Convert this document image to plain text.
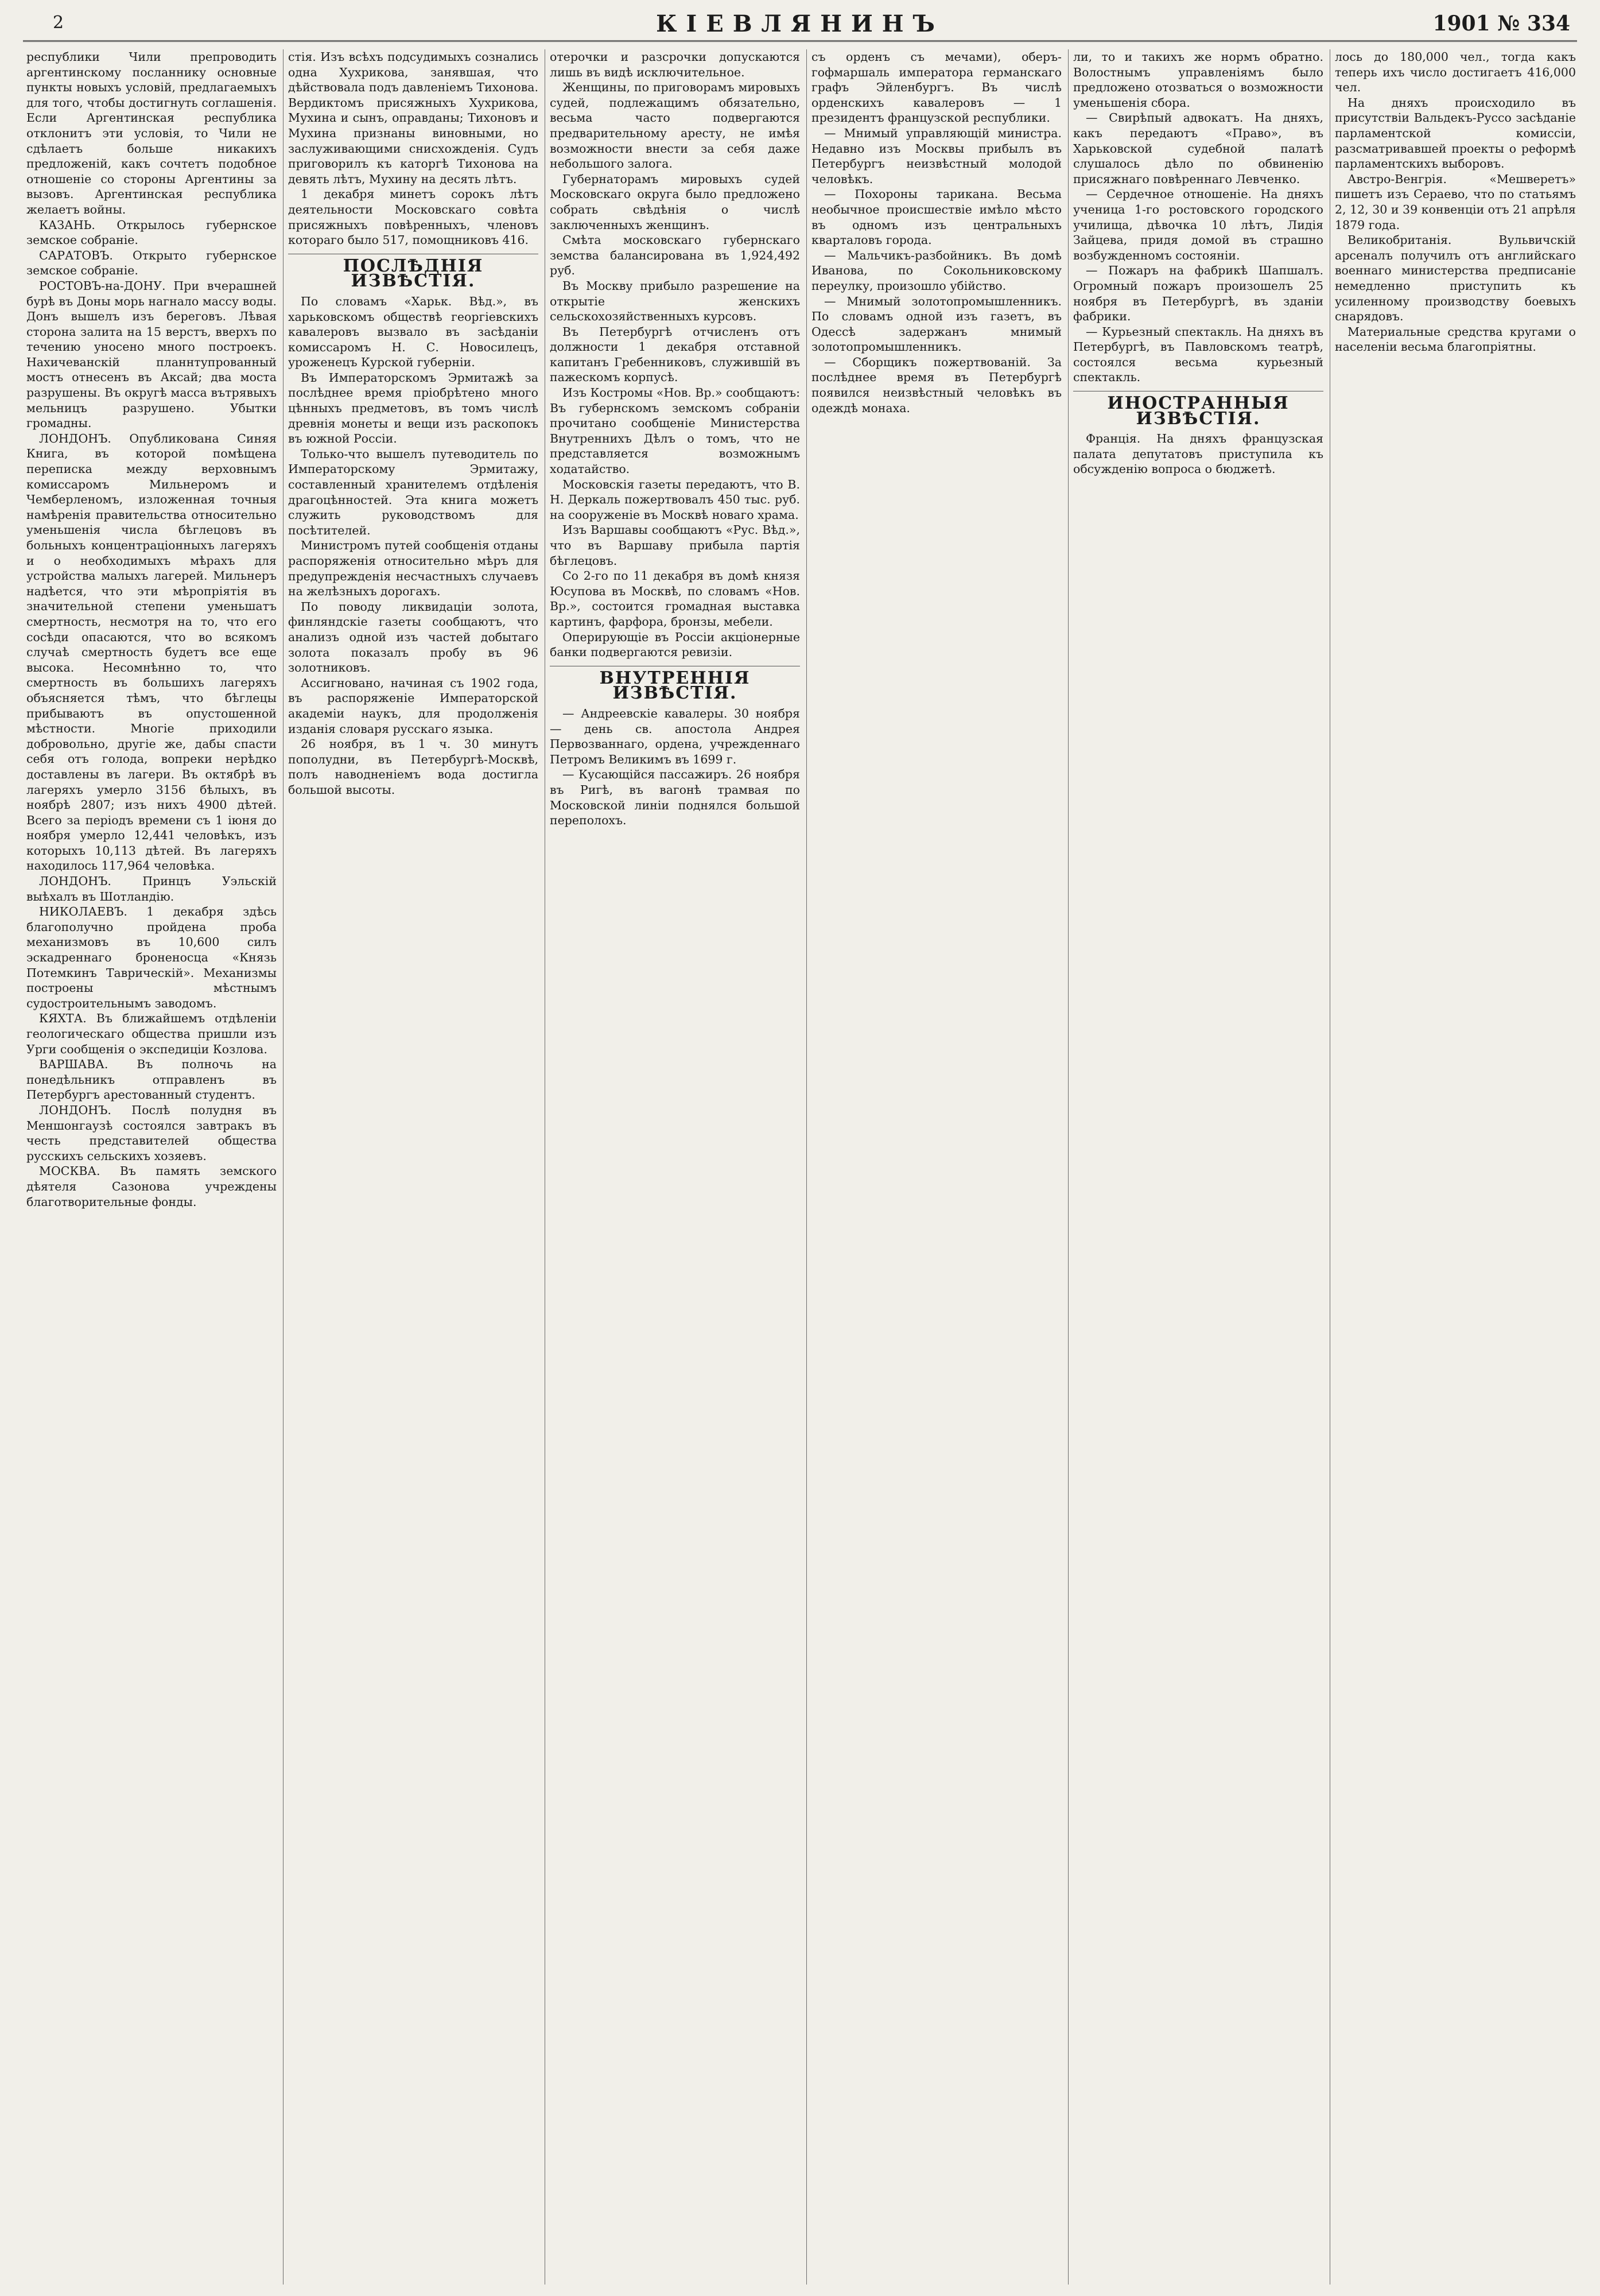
2	КІЕВЛЯНИНЪ	1901 № 334

республики Чили препроводить аргентинскому посланнику основные пункты новыхъ условій, предлагаемыхъ для того, чтобы достигнуть соглашенія. Если Аргентинская республика отклонитъ эти условія, то Чили не сдѣлаетъ больше никакихъ предложеній, какъ сочтетъ подобное отношеніе со стороны Аргентины за вызовъ. Аргентинская республика желаетъ войны.

КАЗАНЬ. Открылось губернское земское собраніе.

САРАТОВЪ. Открыто губернское земское собраніе.

РОСТОВЪ-на-ДОНУ. При вчерашней бурѣ въ Доны морь нагнало массу воды. Донъ вышелъ изъ береговъ. Лѣвая сторона залита на 15 верстъ, вверхъ по течению уносено много построекъ. Нахичеванскій планнтупрованный мостъ отнесенъ въ Аксай; два моста разрушены. Въ округѣ масса вътрявыхъ мельницъ разрушено. Убытки громадны.

ЛОНДОНЪ. Опубликована Синяя Книга, въ которой помѣщена переписка между верховнымъ комиссаромъ Мильнеромъ и Чемберленомъ, изложенная точныя намѣренія правительства относительно уменьшенія числа бѣглецовъ въ больныхъ концентраціонныхъ лагеряхъ и о необходимыхъ мѣрахъ для устройства малыхъ лагерей. Мильнеръ надѣется, что эти мѣропріятія въ значительной степени уменьшатъ смертность, несмотря на то, что его сосѣди опасаются, что во всякомъ случаѣ смертность будетъ все еще высока. Несомнѣнно то, что смертность въ большихъ лагеряхъ объясняется тѣмъ, что бѣглецы прибываютъ въ опустошенной мѣстности. Многіе приходили добровольно, другіе же, дабы спасти себя отъ голода, вопреки нерѣдко доставлены въ лагери. Въ октябрѣ въ лагеряхъ умерло 3156 бѣлыхъ, въ ноябрѣ 2807; изъ нихъ 4900 дѣтей. Всего за періодъ времени съ 1 іюня до ноября умерло 12,441 человѣкъ, изъ которыхъ 10,113 дѣтей. Въ лагеряхъ находилось 117,964 человѣка.

ЛОНДОНЪ. Принцъ Уэльскій выѣхалъ въ Шотландію.

НИКОЛАЕВЪ. 1 декабря здѣсь благополучно пройдена проба механизмовъ въ 10,600 силъ эскадреннаго броненосца «Князь Потемкинъ Таврическій». Механизмы построены мѣстнымъ судостроительнымъ заводомъ.

КЯХТА. Въ ближайшемъ отдѣленіи геологическаго общества пришли изъ Урги сообщенія о экспедиціи Козлова.

ВАРШАВА. Въ полночь на понедѣльникъ отправленъ въ Петербургъ арестованный студентъ.

ЛОНДОНЪ. Послѣ полудня въ Меншонгаузѣ состоялся завтракъ въ честь представителей общества русскихъ сельскихъ хозяевъ.

МОСКВА. Въ память земского дѣятеля Сазонова учреждены благотворительные фонды.

стія. Изъ всѣхъ подсудимыхъ сознались одна Хухрикова, занявшая, что дѣйствовала подъ давленіемъ Тихонова. Вердиктомъ присяжныхъ Хухрикова, Мухина и сынъ, оправданы; Тихоновъ и Мухина признаны виновными, но заслуживающими снисхожденія. Судъ приговорилъ къ каторгѣ Тихонова на девять лѣтъ, Мухину на десять лѣтъ.

1 декабря минетъ сорокъ лѣтъ деятельности Московскаго совѣта присяжныхъ повѣренныхъ, членовъ котораго было 517, помощниковъ 416.

ПОСЛѢДНІЯ ИЗВѢСТІЯ.

По словамъ «Харьк. Вѣд.», въ харьковскомъ обществѣ георгіевскихъ кавалеровъ вызвало въ засѣданіи комиссаромъ Н. С. Новосилецъ, уроженецъ Курской губерніи.

Въ Императорскомъ Эрмитажѣ за послѣднее время пріобрѣтено много цѣнныхъ предметовъ, въ томъ числѣ древнія монеты и вещи изъ раскопокъ въ южной Россіи.

Только-что вышелъ путеводитель по Императорскому Эрмитажу, составленный хранителемъ отдѣленія драгоцѣнностей. Эта книга можетъ служить руководствомъ для посѣтителей.

Министромъ путей сообщенія отданы распоряженія относительно мѣръ для предупрежденія несчастныхъ случаевъ на желѣзныхъ дорогахъ.

По поводу ликвидаціи золота, финляндскіе газеты сообщаютъ, что анализъ одной изъ частей добытаго золота показалъ пробу въ 96 золотниковъ.

Ассигновано, начиная съ 1902 года, въ распоряженіе Императорской академіи наукъ, для продолженія изданія словаря русскаго языка.

26 ноября, въ 1 ч. 30 минутъ пополудни, въ Петербургѣ-Москвѣ, полъ наводненіемъ вода достигла большой высоты.

отерочки и разсрочки допускаются лишь въ видѣ исключительное.

Женщины, по приговорамъ мировыхъ судей, подлежащимъ обязательно, весьма часто подвергаются предварительному аресту, не имѣя возможности внести за себя даже небольшого залога.

Губернаторамъ мировыхъ судей Московскаго округа было предложено собрать свѣдѣнія о числѣ заключенныхъ женщинъ.

Смѣта московскаго губернскаго земства балансирована въ 1,924,492 руб.

Въ Москву прибыло разрешение на открытіе женскихъ сельскохозяйственныхъ курсовъ.

Въ Петербургѣ отчисленъ отъ должности 1 декабря отставной капитанъ Гребенниковъ, служившій въ пажескомъ корпусѣ.

Изъ Костромы «Нов. Вр.» сообщаютъ: Въ губернскомъ земскомъ собраніи прочитано сообщеніе Министерства Внутреннихъ Дѣлъ о томъ, что не представляется возможнымъ ходатайство.

Московскія газеты передаютъ, что В. Н. Деркаль пожертвовалъ 450 тыс. руб. на сооруженіе въ Москвѣ новаго храма.

Изъ Варшавы сообщаютъ «Рус. Вѣд.», что въ Варшаву прибыла партія бѣглецовъ.

Со 2-го по 11 декабря въ домѣ князя Юсупова въ Москвѣ, по словамъ «Нов. Вр.», состоится громадная выставка картинъ, фарфора, бронзы, мебели.

Оперирующіе въ Россіи акціонерные банки подвергаются ревизіи.

ВНУТРЕННІЯ ИЗВѢСТІЯ.

— Андреевскіе кавалеры. 30 ноября — день св. апостола Андрея Первозваннаго, ордена, учрежденнаго Петромъ Великимъ въ 1699 г.

— Кусающійся пассажиръ. 26 ноября въ Ригѣ, въ вагонѣ трамвая по Московской линіи поднялся большой переполохъ.

съ орденъ съ мечами), оберъ-гофмаршаль императора германскаго графъ Эйленбургъ. Въ числѣ орденскихъ кавалеровъ — 1 президентъ французской республики.

— Мнимый управляющій министра. Недавно изъ Москвы прибылъ въ Петербургъ неизвѣстный молодой человѣкъ.

— Похороны тарикана. Весьма необычное происшествіе имѣло мѣсто въ одномъ изъ центральныхъ кварталовъ города.

— Мальчикъ-разбойникъ. Въ домѣ Иванова, по Сокольниковскому переулку, произошло убійство.

— Мнимый золотопромышленникъ. По словамъ одной изъ газетъ, въ Одессѣ задержанъ мнимый золотопромышленникъ.

— Сборщикъ пожертвованій. За послѣднее время въ Петербургѣ появился неизвѣстный человѣкъ въ одеждѣ монаха.

ли, то и такихъ же нормъ обратно. Волостнымъ управленіямъ было предложено отозваться о возможности уменьшенія сбора.

— Свирѣпый адвокатъ. На дняхъ, какъ передаютъ «Право», въ Харьковской судебной палатѣ слушалось дѣло по обвиненію присяжнаго повѣреннаго Левченко.

— Сердечное отношеніе. На дняхъ ученица 1-го ростовского городского училища, дѣвочка 10 лѣтъ, Лидія Зайцева, придя домой въ страшно возбужденномъ состояніи.

— Пожаръ на фабрикѣ Шапшалъ. Огромный пожаръ произошелъ 25 ноября въ Петербургѣ, въ зданіи фабрики.

— Курьезный спектакль. На дняхъ въ Петербургѣ, въ Павловскомъ театрѣ, состоялся весьма курьезный спектакль.

ИНОСТРАННЫЯ ИЗВѢСТІЯ.

Франція. На дняхъ французская палата депутатовъ приступила къ обсужденію вопроса о бюджетѣ.

лось до 180,000 чел., тогда какъ теперь ихъ число достигаетъ 416,000 чел.

На дняхъ происходило въ присутствіи Вальдекъ-Руссо засѣданіе парламентской комиссіи, разсматривавшей проекты о реформѣ парламентскихъ выборовъ.

Австро-Венгрія. «Мешверетъ» пишетъ изъ Сераево, что по статьямъ 2, 12, 30 и 39 конвенціи отъ 21 апрѣля 1879 года.

Великобританія. Вульвичскій арсеналъ получилъ отъ английскаго военнаго министерства предписаніе немедленно приступить къ усиленному производству боевыхъ снарядовъ.

Материальные средства кругами о населеніи весьма благопріятны.
